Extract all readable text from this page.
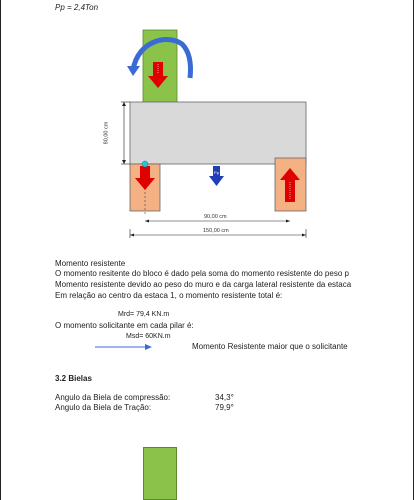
Pp = 2,4Ton
Pp
80,00 cm
90,00 cm
150,00 cm
Momento resistente
O momento resitente do bloco é dado pela soma do momento resistente do peso p
Momento resistente devido ao peso do muro e da carga lateral resistente da estaca
Em relação ao centro da estaca 1, o momento resistente total é:
Mrd= 79,4 KN.m
O momento solicitante em cada pilar é:
Msd= 60KN.m
Momento Resistente maior que o solicitante
3.2 Bielas
Angulo da Biela de compressão:	34,3°
Angulo da Biela de Tração:	79,9°
